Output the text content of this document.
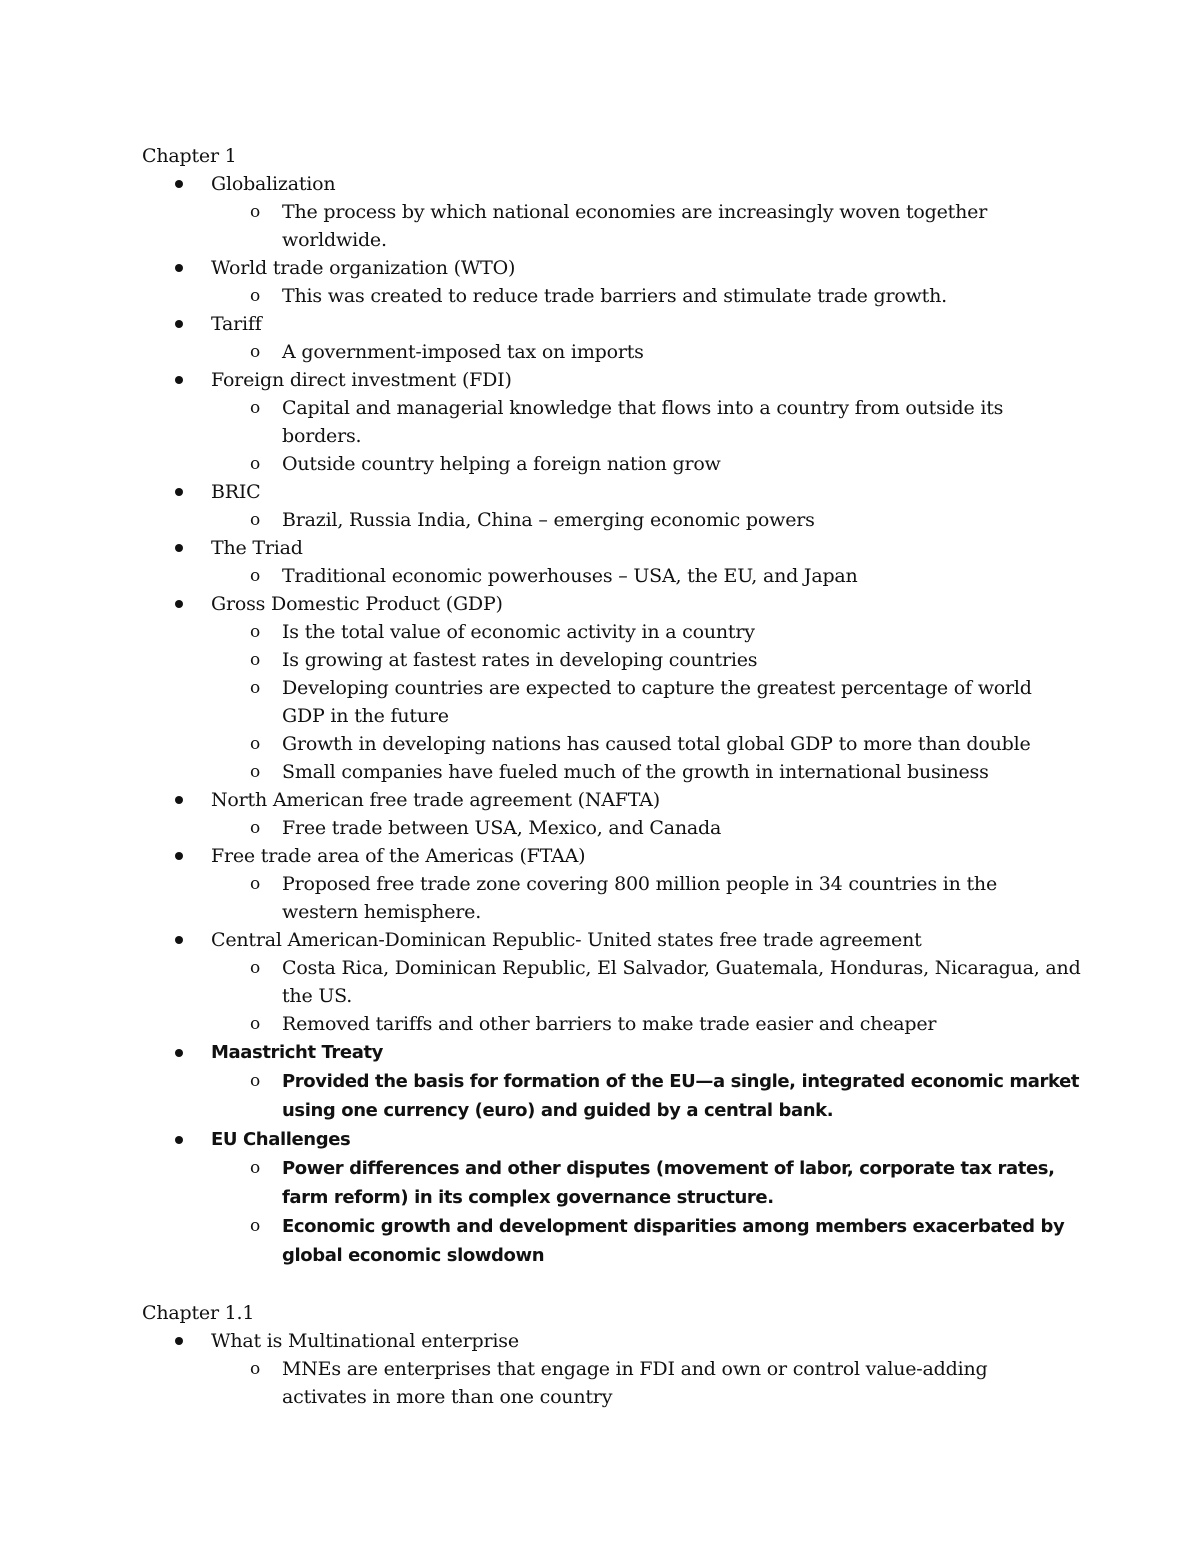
Chapter 1
Globalization
o The process by which national economies are increasingly woven together worldwide.
World trade organization (WTO)
o This was created to reduce trade barriers and stimulate trade growth.
Tariff
o A government-imposed tax on imports
Foreign direct investment (FDI)
o Capital and managerial knowledge that flows into a country from outside its borders.
o Outside country helping a foreign nation grow
BRIC
o Brazil, Russia India, China – emerging economic powers
The Triad
o Traditional economic powerhouses – USA, the EU, and Japan
Gross Domestic Product (GDP)
o Is the total value of economic activity in a country
o Is growing at fastest rates in developing countries
o Developing countries are expected to capture the greatest percentage of world GDP in the future
o Growth in developing nations has caused total global GDP to more than double
o Small companies have fueled much of the growth in international business
North American free trade agreement (NAFTA)
o Free trade between USA, Mexico, and Canada
Free trade area of the Americas (FTAA)
o Proposed free trade zone covering 800 million people in 34 countries in the western hemisphere.
Central American-Dominican Republic- United states free trade agreement
o Costa Rica, Dominican Republic, El Salvador, Guatemala, Honduras, Nicaragua, and the US.
o Removed tariffs and other barriers to make trade easier and cheaper
Maastricht Treaty
o Provided the basis for formation of the EU—a single, integrated economic market using one currency (euro) and guided by a central bank.
EU Challenges
o Power differences and other disputes (movement of labor, corporate tax rates, farm reform) in its complex governance structure.
o Economic growth and development disparities among members exacerbated by global economic slowdown
Chapter 1.1
What is Multinational enterprise
o MNEs are enterprises that engage in FDI and own or control value-adding activates in more than one country
